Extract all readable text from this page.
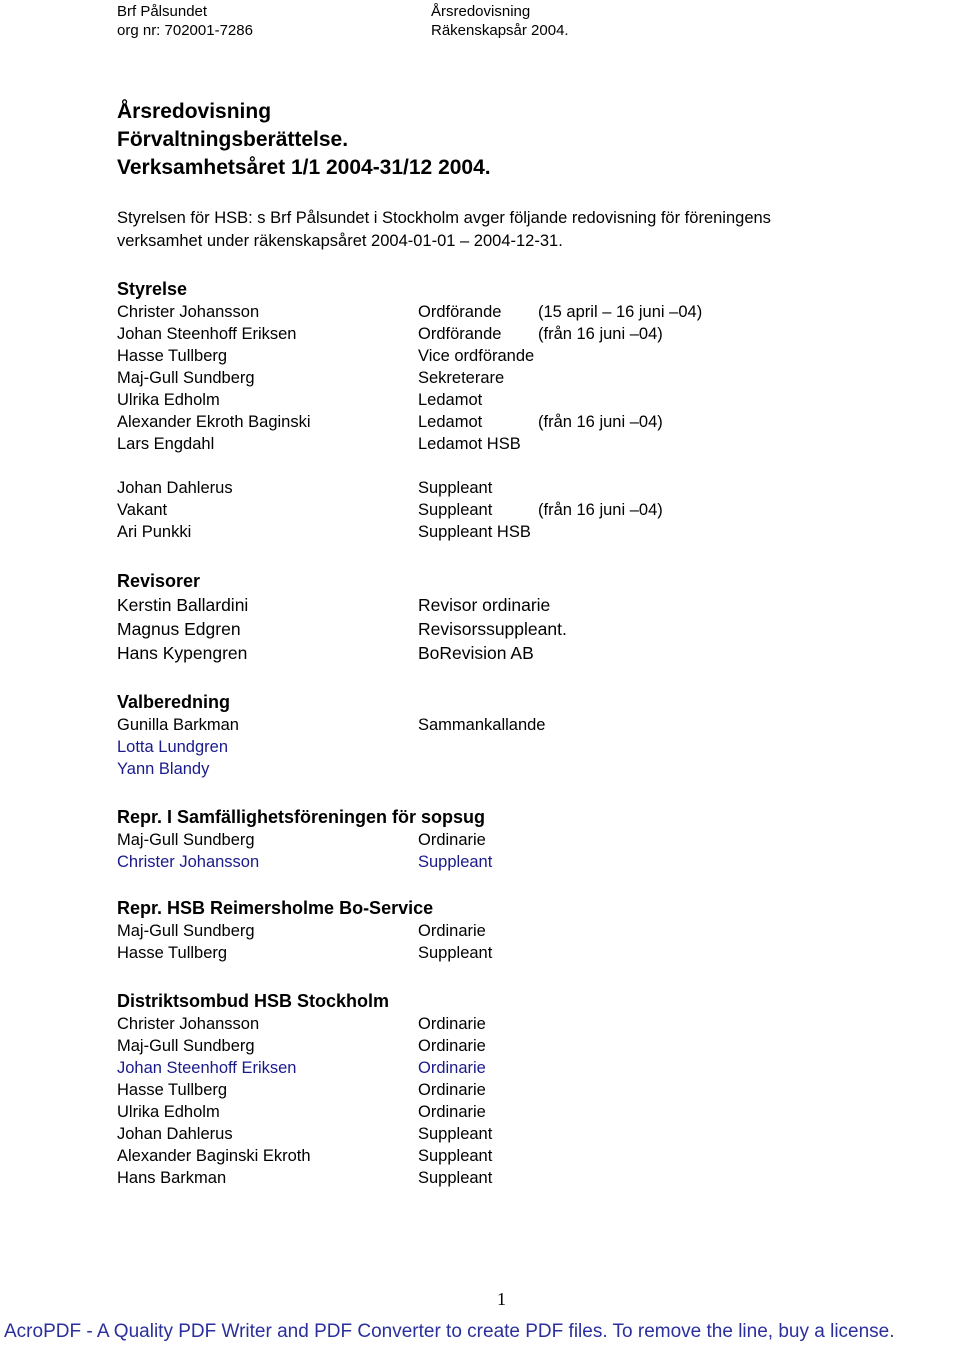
Brf Pålsundet
org nr: 702001-7286
Årsredovisning
Räkenskapsår 2004.
Årsredovisning
Förvaltningsberättelse.
Verksamhetsåret 1/1 2004-31/12 2004.
Styrelsen för HSB: s Brf Pålsundet i Stockholm avger följande redovisning för föreningens verksamhet under räkenskapsåret 2004-01-01 – 2004-12-31.
Styrelse
Christer Johansson	Ordförande (15 april – 16 juni –04)
Johan Steenhoff Eriksen	Ordförande (från 16 juni –04)
Hasse Tullberg	Vice ordförande
Maj-Gull Sundberg	Sekreterare
Ulrika Edholm	Ledamot
Alexander Ekroth Baginski	Ledamot	(från 16 juni –04)
Lars Engdahl	Ledamot HSB
Johan Dahlerus	Suppleant
Vakant	Suppleant	(från 16 juni –04)
Ari Punkki	Suppleant HSB
Revisorer
Kerstin Ballardini	Revisor ordinarie
Magnus Edgren	Revisorssuppleant.
Hans Kypengren	BoRevision AB
Valberedning
Gunilla Barkman	Sammankallande
Lotta Lundgren
Yann Blandy
Repr. I Samfällighetsföreningen för sopsug
Maj-Gull Sundberg	Ordinarie
Christer Johansson	Suppleant
Repr. HSB Reimersholme Bo-Service
Maj-Gull Sundberg	Ordinarie
Hasse Tullberg	Suppleant
Distriktsombud HSB Stockholm
Christer Johansson	Ordinarie
Maj-Gull Sundberg	Ordinarie
Johan Steenhoff Eriksen	Ordinarie
Hasse Tullberg	Ordinarie
Ulrika Edholm	Ordinarie
Johan Dahlerus	Suppleant
Alexander Baginski Ekroth	Suppleant
Hans Barkman	Suppleant
1
AcroPDF - A Quality PDF Writer and PDF Converter to create PDF files. To remove the line, buy a license.
